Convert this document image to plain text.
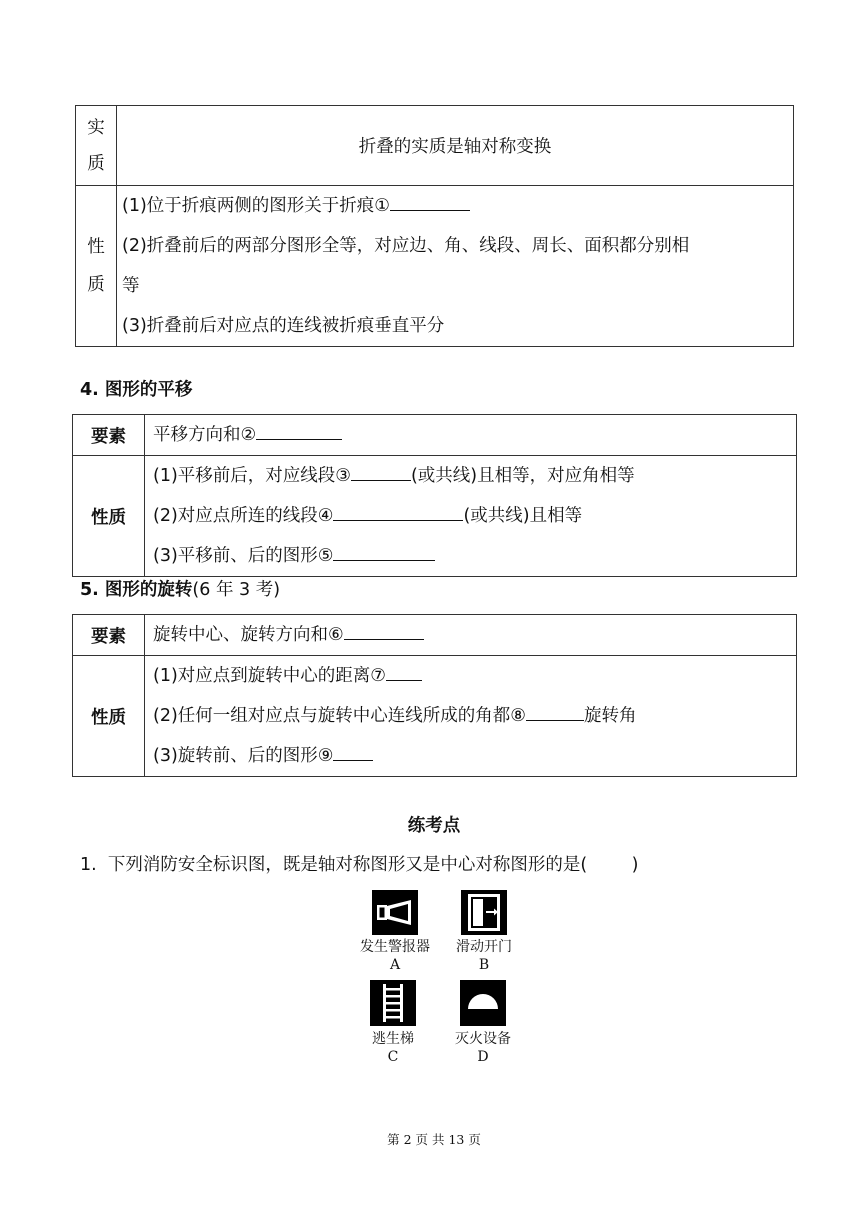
实质	折叠的实质是轴对称变换

性质	(1)位于折痕两侧的图形关于折痕①
(2)折叠前后的两部分图形全等，对应边、角、线段、周长、面积都分别相
等
(3)折叠前后对应点的连线被折痕垂直平分
4. 图形的平移
要素	平移方向和②

性质	(1)平移前后，对应线段③ (或共线)且相等，对应角相等
(2)对应点所连的线段④ (或共线)且相等
(3)平移前、后的图形⑤
5. 图形的旋转(6 年 3 考)
要素	旋转中心、旋转方向和⑥

性质	(1)对应点到旋转中心的距离⑦
(2)任何一组对应点与旋转中心连线所成的角都⑧ 旋转角
(3)旋转前、后的图形⑨
练考点
1.  下列消防安全标识图，既是轴对称图形又是中心对称图形的是(        )
发生警报器
A
滑动开门
B
逃生梯
C
灭火设备
D
第 2 页 共 13 页
